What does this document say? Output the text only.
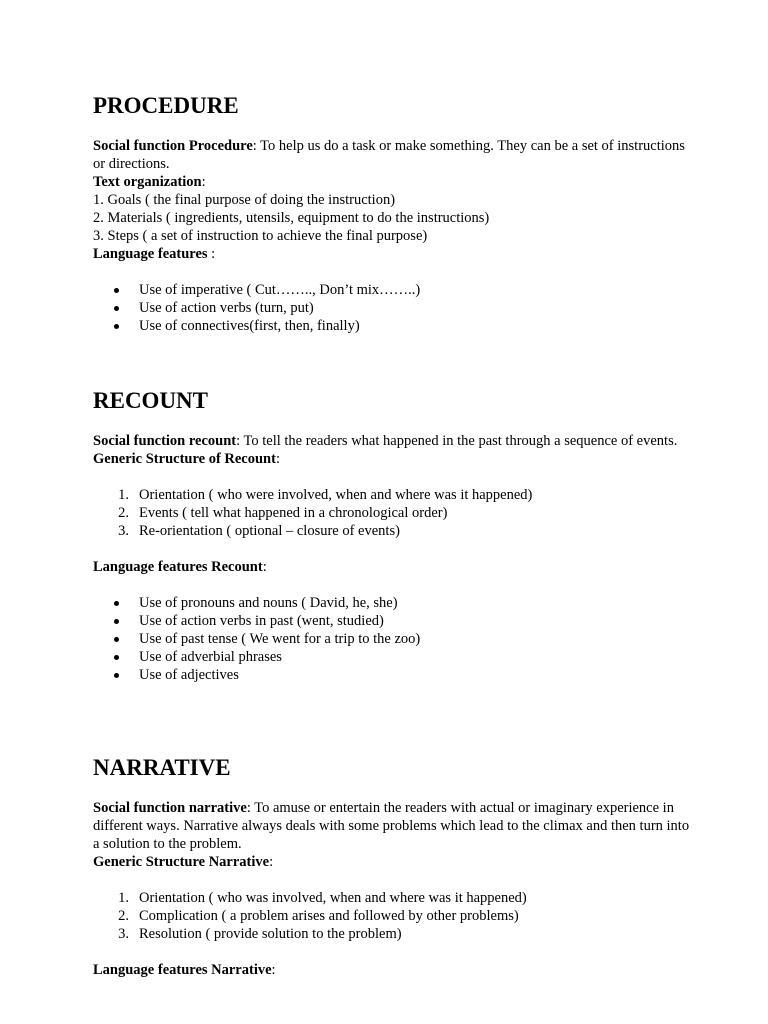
PROCEDURE

Social function Procedure: To help us do a task or make something. They can be a set of instructions or directions.

Text organization:

1. Goals ( the final purpose of doing the instruction)

2. Materials ( ingredients, utensils, equipment to do the instructions)

3. Steps ( a set of instruction to achieve the final purpose)

Language features :

Use of imperative ( Cut…….., Don’t mix……..)
Use of action verbs (turn, put)
Use of connectives(first, then, finally)
RECOUNT

Social function recount: To tell the readers what happened in the past through a sequence of events.

Generic Structure of Recount:

1. Orientation ( who were involved, when and where was it happened)
2. Events ( tell what happened in a chronological order)
3. Re-orientation ( optional – closure of events)

Language features Recount:

Use of pronouns and nouns ( David, he, she)
Use of action verbs in past (went, studied)
Use of past tense ( We went for a trip to the zoo)
Use of adverbial phrases
Use of adjectives
NARRATIVE

Social function narrative: To amuse or entertain the readers with actual or imaginary experience in different ways. Narrative always deals with some problems which lead to the climax and then turn into a solution to the problem.

Generic Structure Narrative:

1. Orientation ( who was involved, when and where was it happened)
2. Complication ( a problem arises and followed by other problems)
3. Resolution ( provide solution to the problem)

Language features Narrative:
